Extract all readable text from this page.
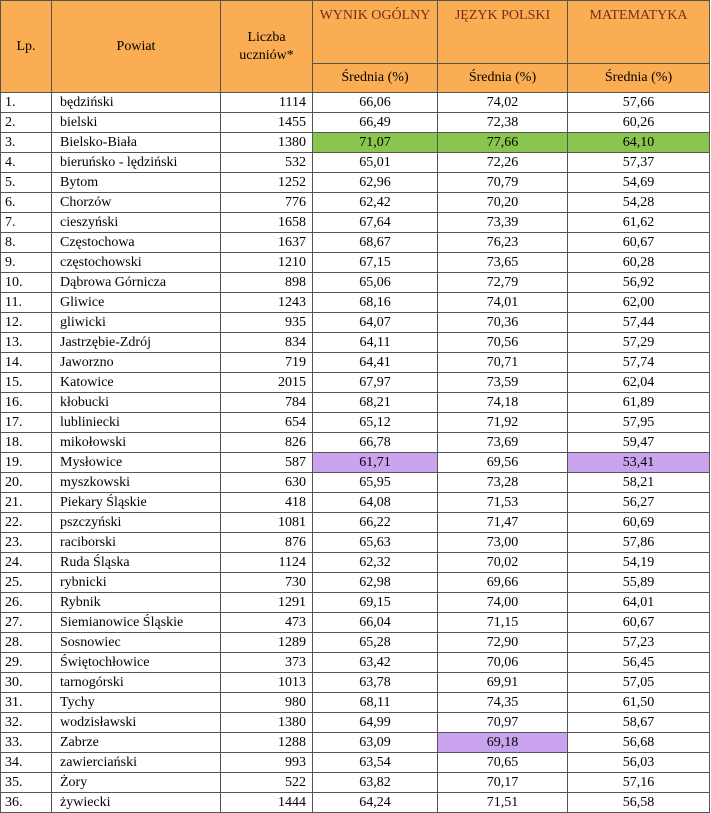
Lp.	Powiat	Liczba uczniów*	WYNIK OGÓLNY	JĘZYK POLSKI	MATEMATYKA
			Średnia (%)	Średnia (%)	Średnia (%)
1.	będziński	1114	66,06	74,02	57,66
2.	bielski	1455	66,49	72,38	60,26
3.	Bielsko-Biała	1380	71,07	77,66	64,10
4.	bieruńsko - lędziński	532	65,01	72,26	57,37
5.	Bytom	1252	62,96	70,79	54,69
6.	Chorzów	776	62,42	70,20	54,28
7.	cieszyński	1658	67,64	73,39	61,62
8.	Częstochowa	1637	68,67	76,23	60,67
9.	częstochowski	1210	67,15	73,65	60,28
10.	Dąbrowa Górnicza	898	65,06	72,79	56,92
11.	Gliwice	1243	68,16	74,01	62,00
12.	gliwicki	935	64,07	70,36	57,44
13.	Jastrzębie-Zdrój	834	64,11	70,56	57,29
14.	Jaworzno	719	64,41	70,71	57,74
15.	Katowice	2015	67,97	73,59	62,04
16.	kłobucki	784	68,21	74,18	61,89
17.	lubliniecki	654	65,12	71,92	57,95
18.	mikołowski	826	66,78	73,69	59,47
19.	Mysłowice	587	61,71	69,56	53,41
20.	myszkowski	630	65,95	73,28	58,21
21.	Piekary Śląskie	418	64,08	71,53	56,27
22.	pszczyński	1081	66,22	71,47	60,69
23.	raciborski	876	65,63	73,00	57,86
24.	Ruda Śląska	1124	62,32	70,02	54,19
25.	rybnicki	730	62,98	69,66	55,89
26.	Rybnik	1291	69,15	74,00	64,01
27.	Siemianowice Śląskie	473	66,04	71,15	60,67
28.	Sosnowiec	1289	65,28	72,90	57,23
29.	Świętochłowice	373	63,42	70,06	56,45
30.	tarnogórski	1013	63,78	69,91	57,05
31.	Tychy	980	68,11	74,35	61,50
32.	wodzisławski	1380	64,99	70,97	58,67
33.	Zabrze	1288	63,09	69,18	56,68
34.	zawierciański	993	63,54	70,65	56,03
35.	Żory	522	63,82	70,17	57,16
36.	żywiecki	1444	64,24	71,51	56,58
